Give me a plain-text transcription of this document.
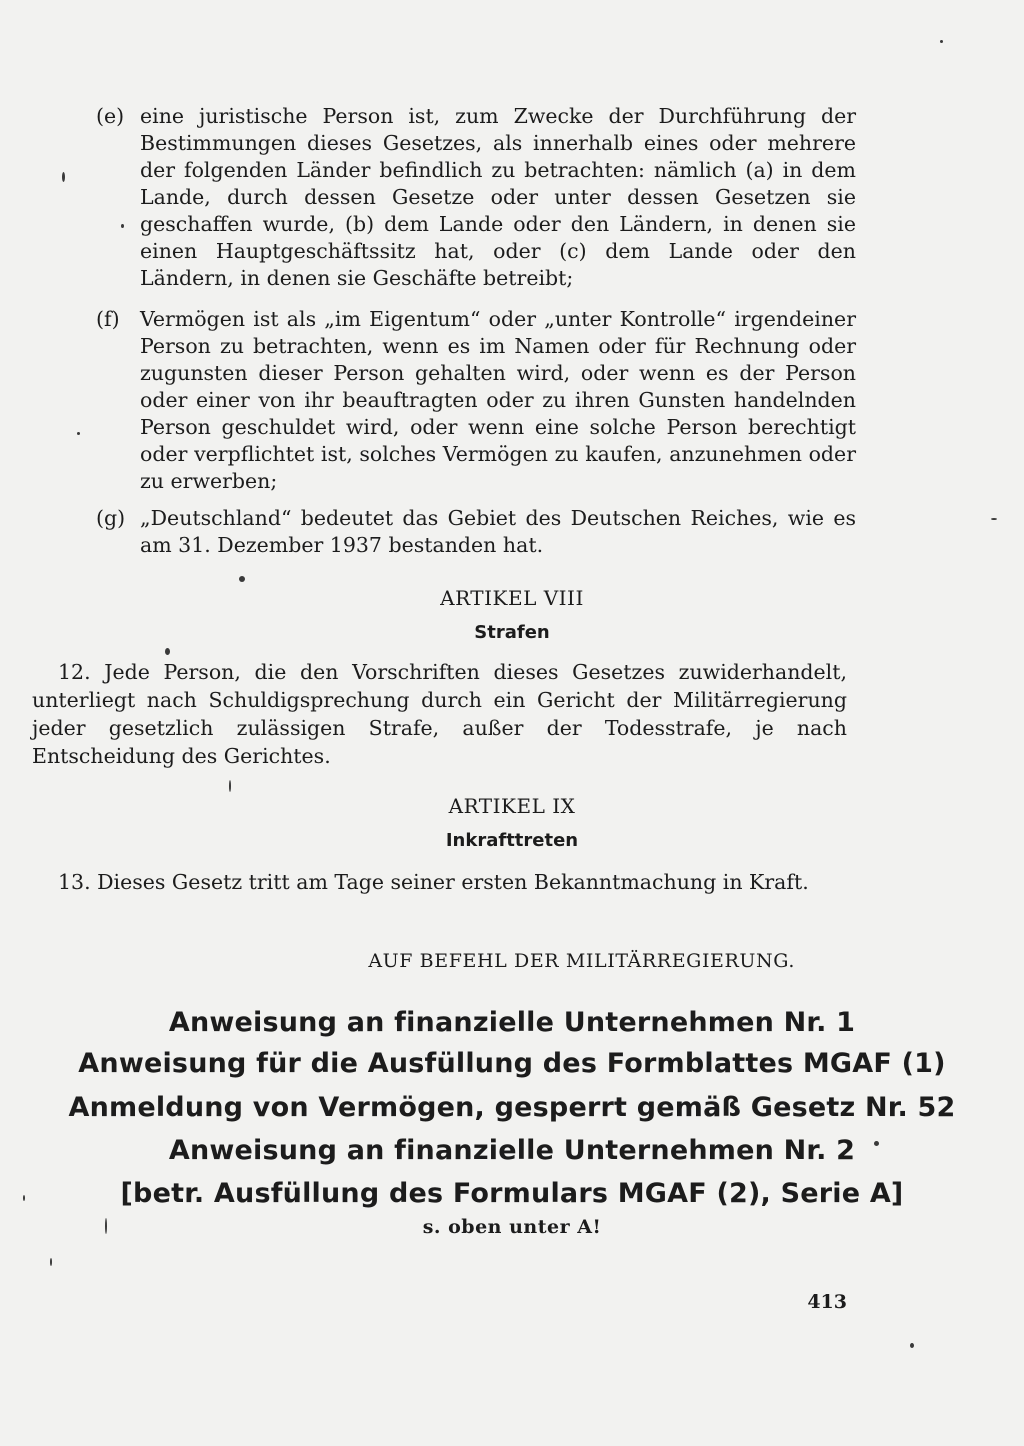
(e) eine juristische Person ist, zum Zwecke der Durchführung der Bestimmungen dieses Gesetzes, als innerhalb eines oder mehrere der folgenden Länder befindlich zu betrachten: nämlich (a) in dem Lande, durch dessen Gesetze oder unter dessen Gesetzen sie geschaffen wurde, (b) dem Lande oder den Ländern, in denen sie einen Hauptgeschäftssitz hat, oder (c) dem Lande oder den Ländern, in denen sie Geschäfte betreibt;
(f) Vermögen ist als „im Eigentum“ oder „unter Kontrolle“ irgendeiner Person zu betrachten, wenn es im Namen oder für Rechnung oder zugunsten dieser Person gehalten wird, oder wenn es der Person oder einer von ihr beauftragten oder zu ihren Gunsten handelnden Person geschuldet wird, oder wenn eine solche Person berechtigt oder verpflichtet ist, solches Vermögen zu kaufen, anzunehmen oder zu erwerben;
(g) „Deutschland“ bedeutet das Gebiet des Deutschen Reiches, wie es am 31. Dezember 1937 bestanden hat.
ARTIKEL VIII
Strafen
12. Jede Person, die den Vorschriften dieses Gesetzes zuwiderhandelt, unterliegt nach Schuldigsprechung durch ein Gericht der Militärregierung jeder gesetzlich zulässigen Strafe, außer der Todesstrafe, je nach Entscheidung des Gerichtes.
ARTIKEL IX
Inkrafttreten
13. Dieses Gesetz tritt am Tage seiner ersten Bekanntmachung in Kraft.
AUF BEFEHL DER MILITÄRREGIERUNG.
Anweisung an finanzielle Unternehmen Nr. 1
Anweisung für die Ausfüllung des Formblattes MGAF (1)
Anmeldung von Vermögen, gesperrt gemäß Gesetz Nr. 52
Anweisung an finanzielle Unternehmen Nr. 2
[betr. Ausfüllung des Formulars MGAF (2), Serie A]
s. oben unter A!
413
